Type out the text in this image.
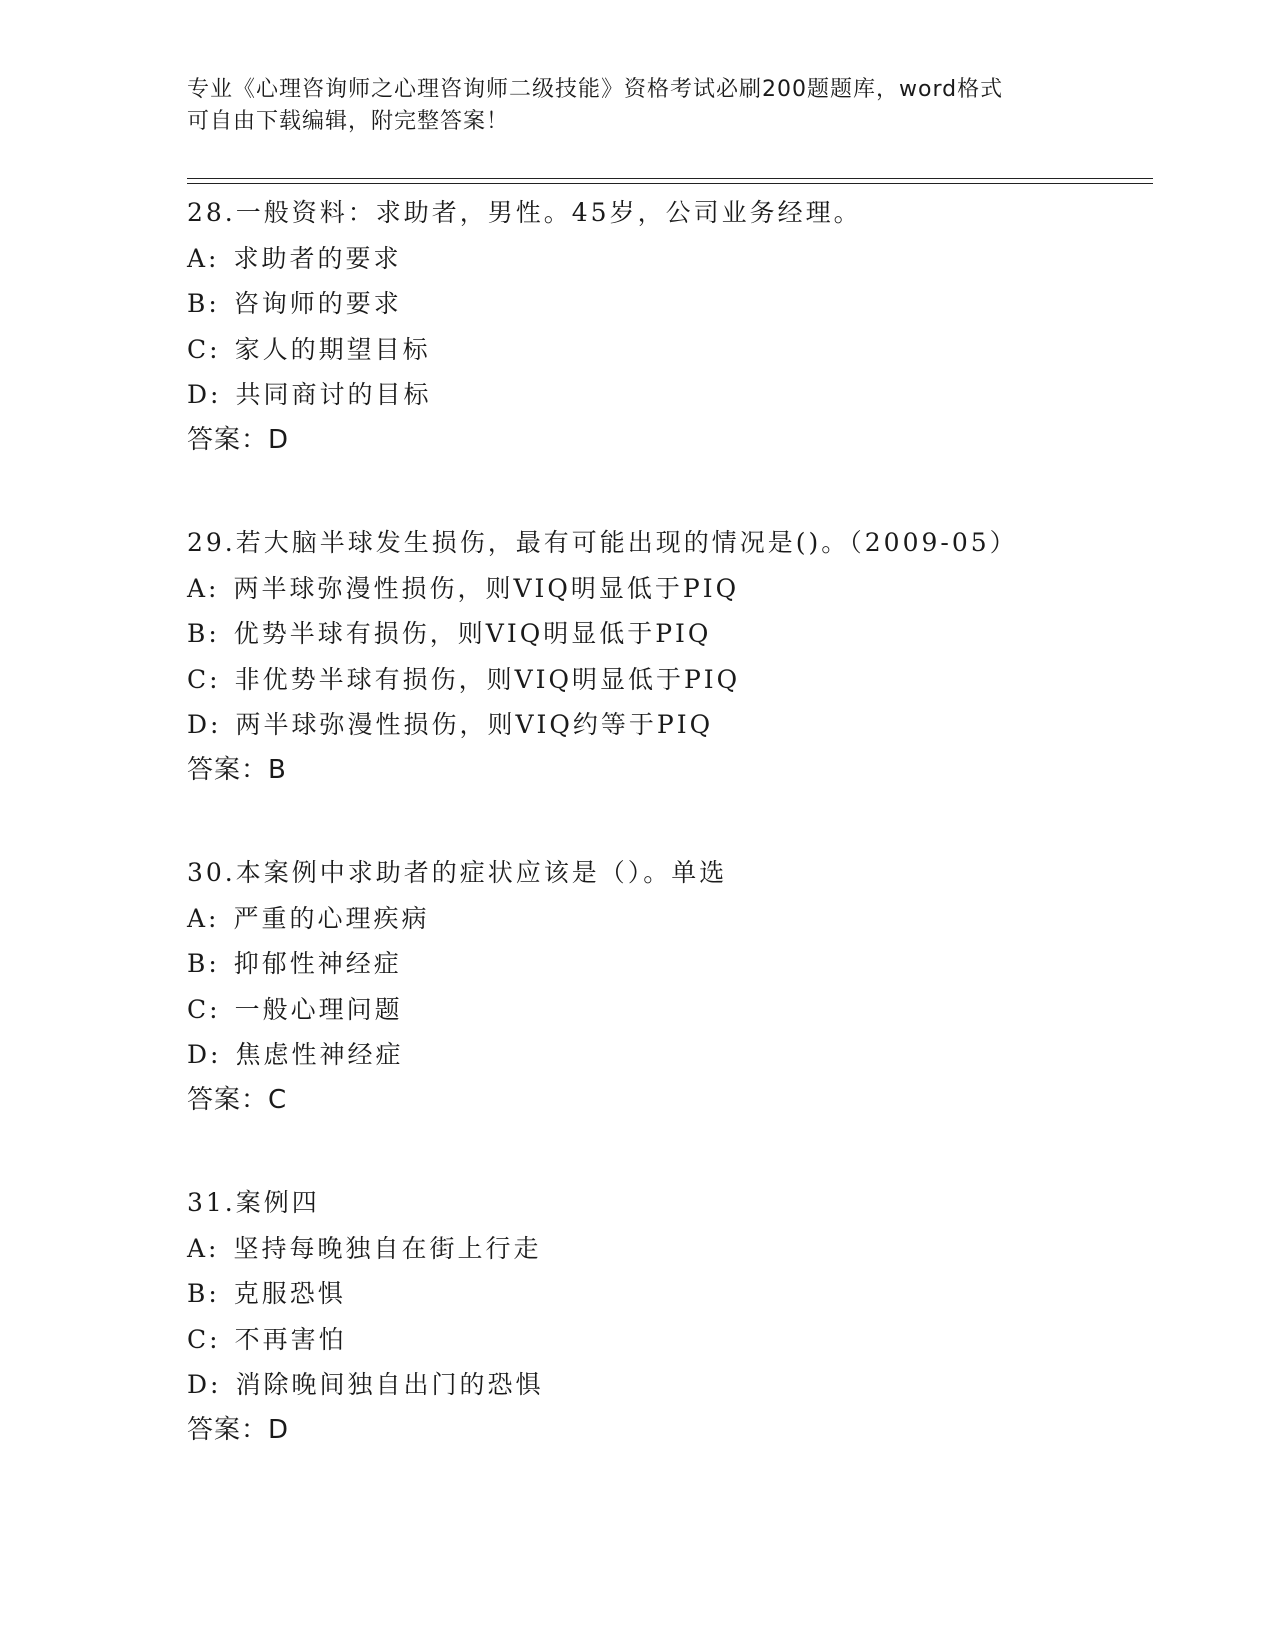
专业《心理咨询师之心理咨询师二级技能》资格考试必刷200题题库，word格式
可自由下载编辑，附完整答案！
28.一般资料：求助者，男性。45岁，公司业务经理。
A: 求助者的要求
B: 咨询师的要求
C: 家人的期望目标
D: 共同商讨的目标
答案：D
29.若大脑半球发生损伤，最有可能出现的情况是()。（2009-05）
A: 两半球弥漫性损伤，则VIQ明显低于PIQ
B: 优势半球有损伤，则VIQ明显低于PIQ
C: 非优势半球有损伤，则VIQ明显低于PIQ
D: 两半球弥漫性损伤，则VIQ约等于PIQ
答案：B
30.本案例中求助者的症状应该是（）。单选
A: 严重的心理疾病
B: 抑郁性神经症
C: 一般心理问题
D: 焦虑性神经症
答案：C
31.案例四
A: 坚持每晚独自在街上行走
B: 克服恐惧
C: 不再害怕
D: 消除晚间独自出门的恐惧
答案：D
